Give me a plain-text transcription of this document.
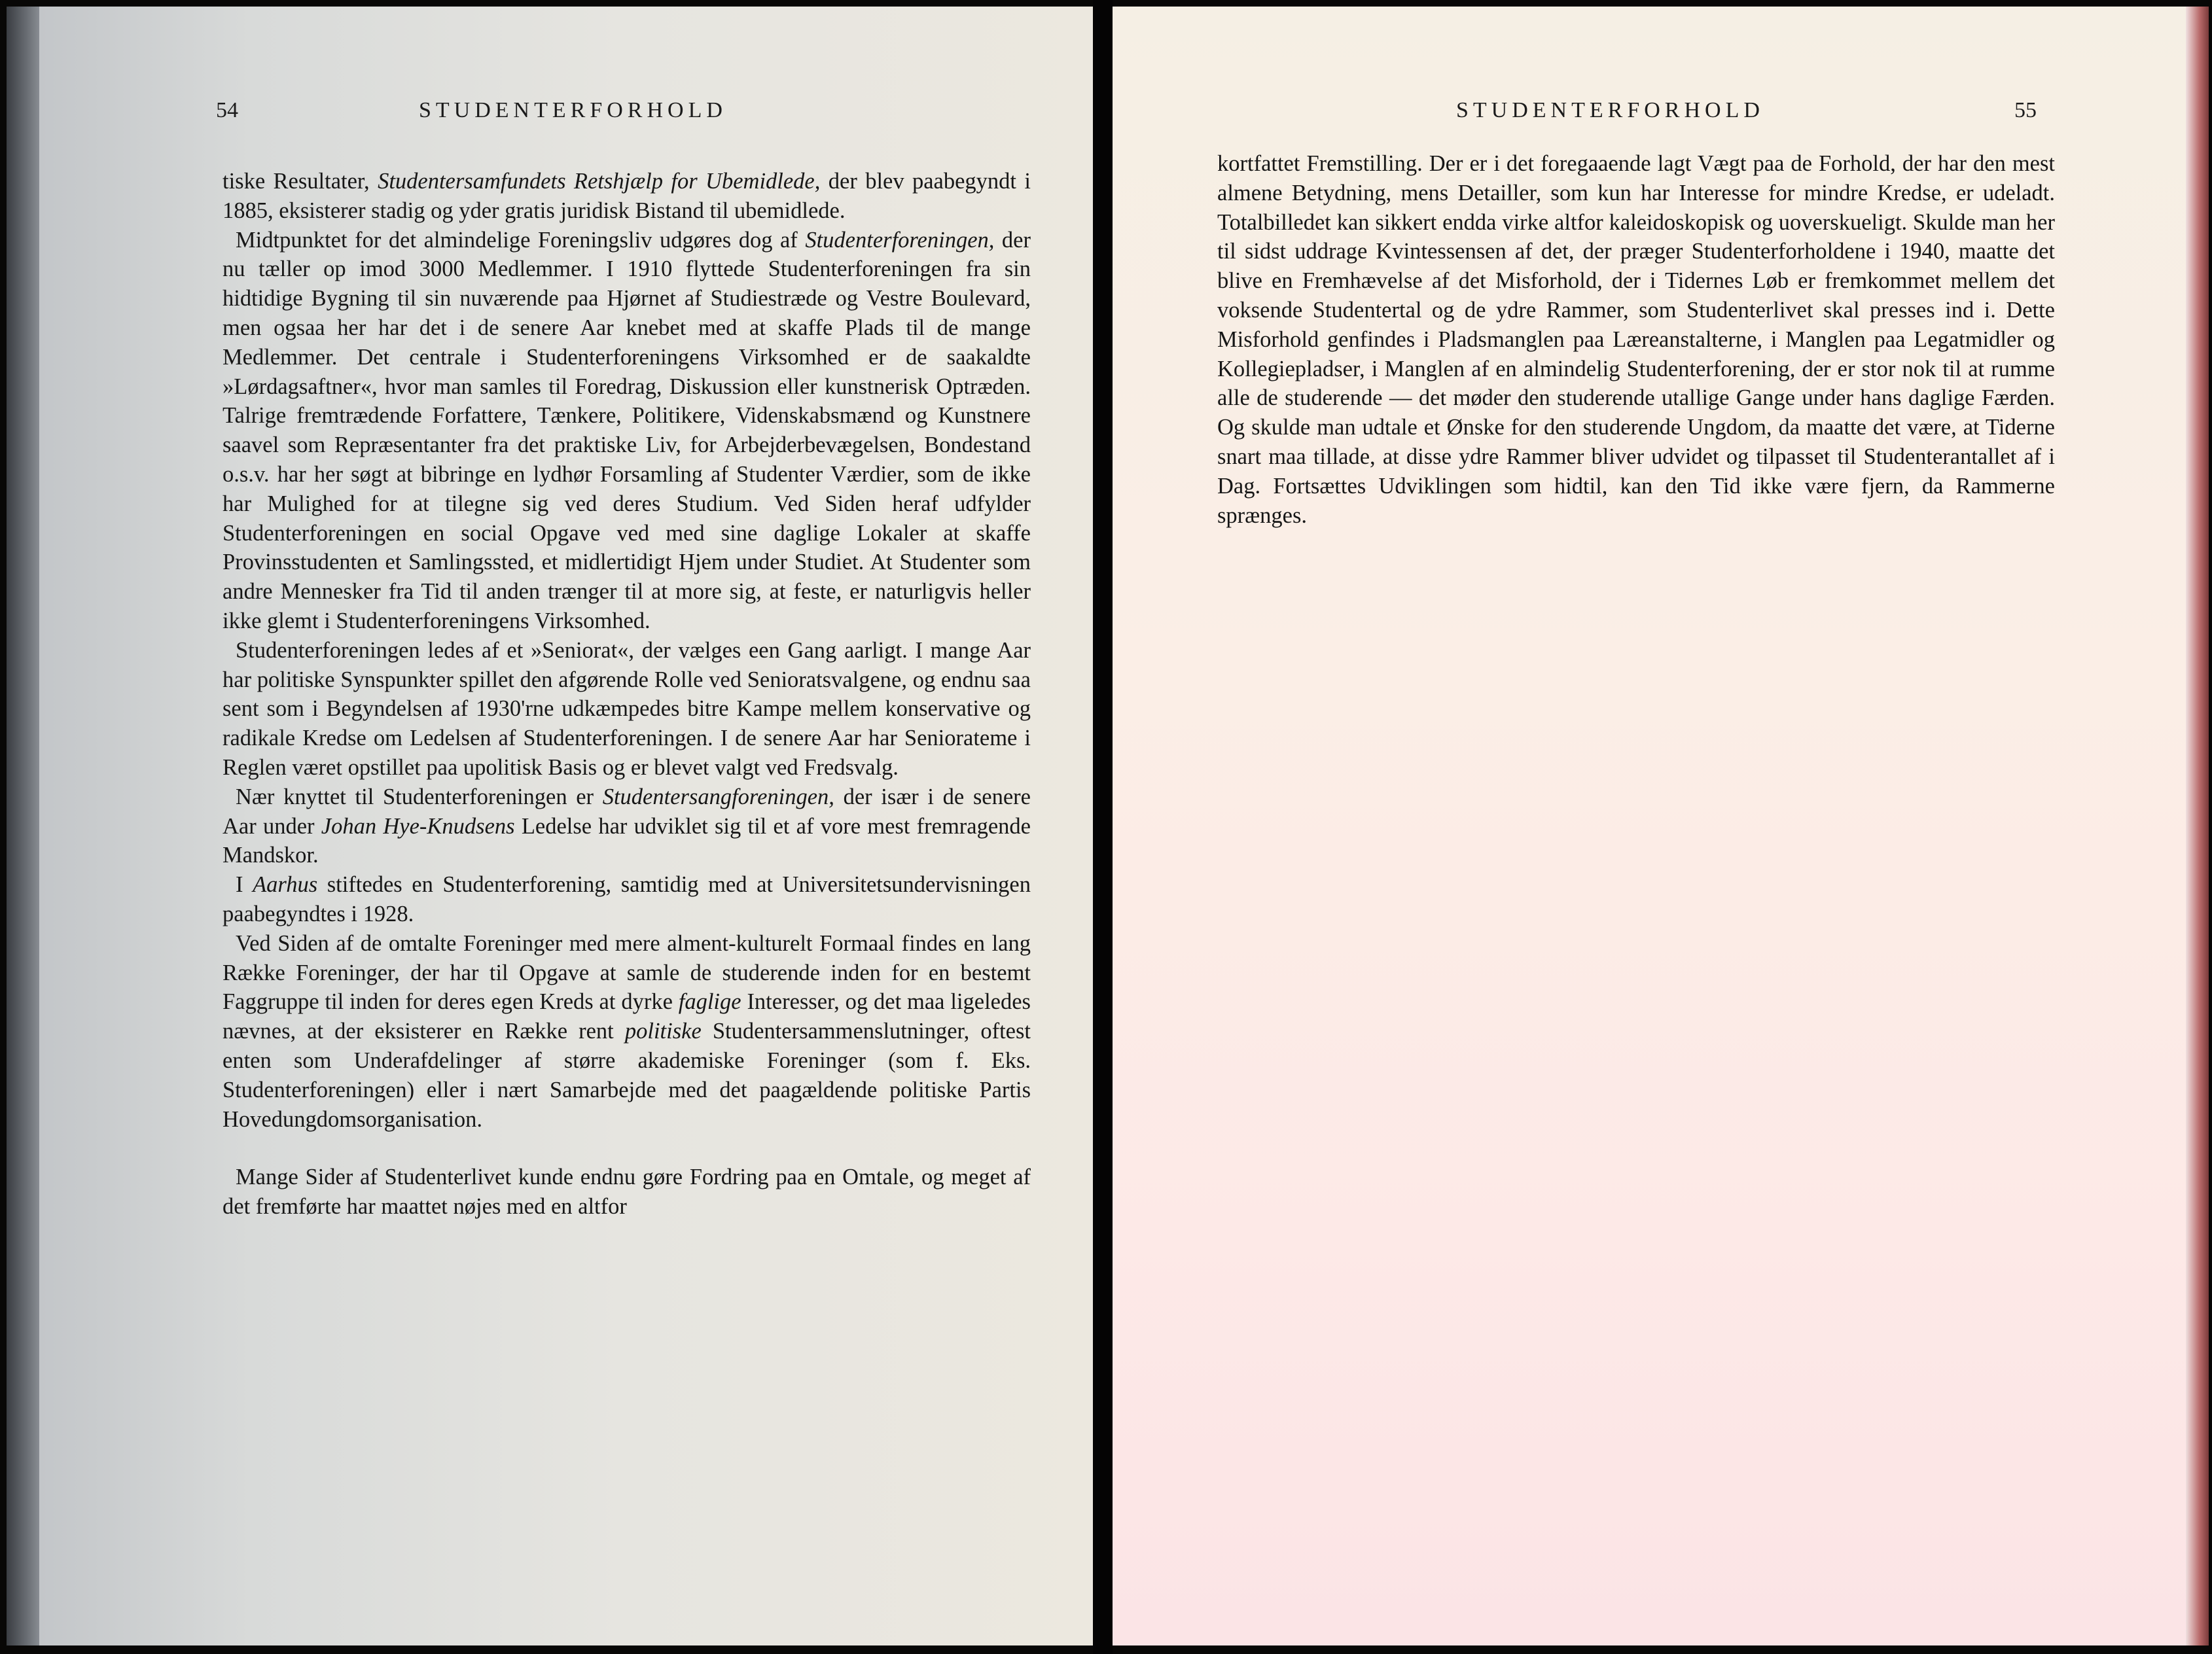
54	STUDENTERFORHOLD

tiske Resultater, Studentersamfundets Retshjælp for Ubemidlede, der blev paabegyndt i 1885, eksisterer stadig og yder gratis juridisk Bistand til ubemidlede.

Midtpunktet for det almindelige Foreningsliv udgøres dog af Studenterforeningen, der nu tæller op imod 3000 Medlemmer. I 1910 flyttede Studenterforeningen fra sin hidtidige Bygning til sin nuværende paa Hjørnet af Studiestræde og Vestre Boulevard, men ogsaa her har det i de senere Aar knebet med at skaffe Plads til de mange Medlemmer. Det centrale i Studenterforeningens Virksomhed er de saakaldte »Lørdagsaftner«, hvor man samles til Foredrag, Diskussion eller kunstnerisk Optræden. Talrige fremtrædende Forfattere, Tænkere, Politikere, Videnskabsmænd og Kunstnere saavel som Repræsentanter fra det praktiske Liv, for Arbejderbevægelsen, Bondestand o.s.v. har her søgt at bibringe en lydhør Forsamling af Studenter Værdier, som de ikke har Mulighed for at tilegne sig ved deres Studium. Ved Siden heraf udfylder Studenterforeningen en social Opgave ved med sine daglige Lokaler at skaffe Provinsstudenten et Samlingssted, et midlertidigt Hjem under Studiet. At Studenter som andre Mennesker fra Tid til anden trænger til at more sig, at feste, er naturligvis heller ikke glemt i Studenterforeningens Virksomhed.

Studenterforeningen ledes af et »Seniorat«, der vælges een Gang aarligt. I mange Aar har politiske Synspunkter spillet den afgørende Rolle ved Senioratsvalgene, og endnu saa sent som i Begyndelsen af 1930'rne udkæmpedes bitre Kampe mellem konservative og radikale Kredse om Ledelsen af Studenterforeningen. I de senere Aar har Seniorateme i Reglen været opstillet paa upolitisk Basis og er blevet valgt ved Fredsvalg.

Nær knyttet til Studenterforeningen er Studentersangforeningen, der især i de senere Aar under Johan Hye-Knudsens Ledelse har udviklet sig til et af vore mest fremragende Mandskor.

I Aarhus stiftedes en Studenterforening, samtidig med at Universitetsundervisningen paabegyndtes i 1928.

Ved Siden af de omtalte Foreninger med mere alment-kulturelt Formaal findes en lang Række Foreninger, der har til Opgave at samle de studerende inden for en bestemt Faggruppe til inden for deres egen Kreds at dyrke faglige Interesser, og det maa ligeledes nævnes, at der eksisterer en Række rent politiske Studentersammenslutninger, oftest enten som Underafdelinger af større akademiske Foreninger (som f. Eks. Studenterforeningen) eller i nært Samarbejde med det paagældende politiske Partis Hovedungdomsorganisation.

Mange Sider af Studenterlivet kunde endnu gøre Fordring paa en Omtale, og meget af det fremførte har maattet nøjes med en altfor

STUDENTERFORHOLD	55

kortfattet Fremstilling. Der er i det foregaaende lagt Vægt paa de Forhold, der har den mest almene Betydning, mens Detailler, som kun har Interesse for mindre Kredse, er udeladt. Totalbilledet kan sikkert endda virke altfor kaleidoskopisk og uoverskueligt. Skulde man her til sidst uddrage Kvintessensen af det, der præger Studenterforholdene i 1940, maatte det blive en Fremhævelse af det Misforhold, der i Tidernes Løb er fremkommet mellem det voksende Studentertal og de ydre Rammer, som Studenterlivet skal presses ind i. Dette Misforhold genfindes i Pladsmanglen paa Læreanstalterne, i Manglen paa Legatmidler og Kollegiepladser, i Manglen af en almindelig Studenterforening, der er stor nok til at rumme alle de studerende — det møder den studerende utallige Gange under hans daglige Færden. Og skulde man udtale et Ønske for den studerende Ungdom, da maatte det være, at Tiderne snart maa tillade, at disse ydre Rammer bliver udvidet og tilpasset til Studenterantallet af i Dag. Fortsættes Udviklingen som hidtil, kan den Tid ikke være fjern, da Rammerne sprænges.
